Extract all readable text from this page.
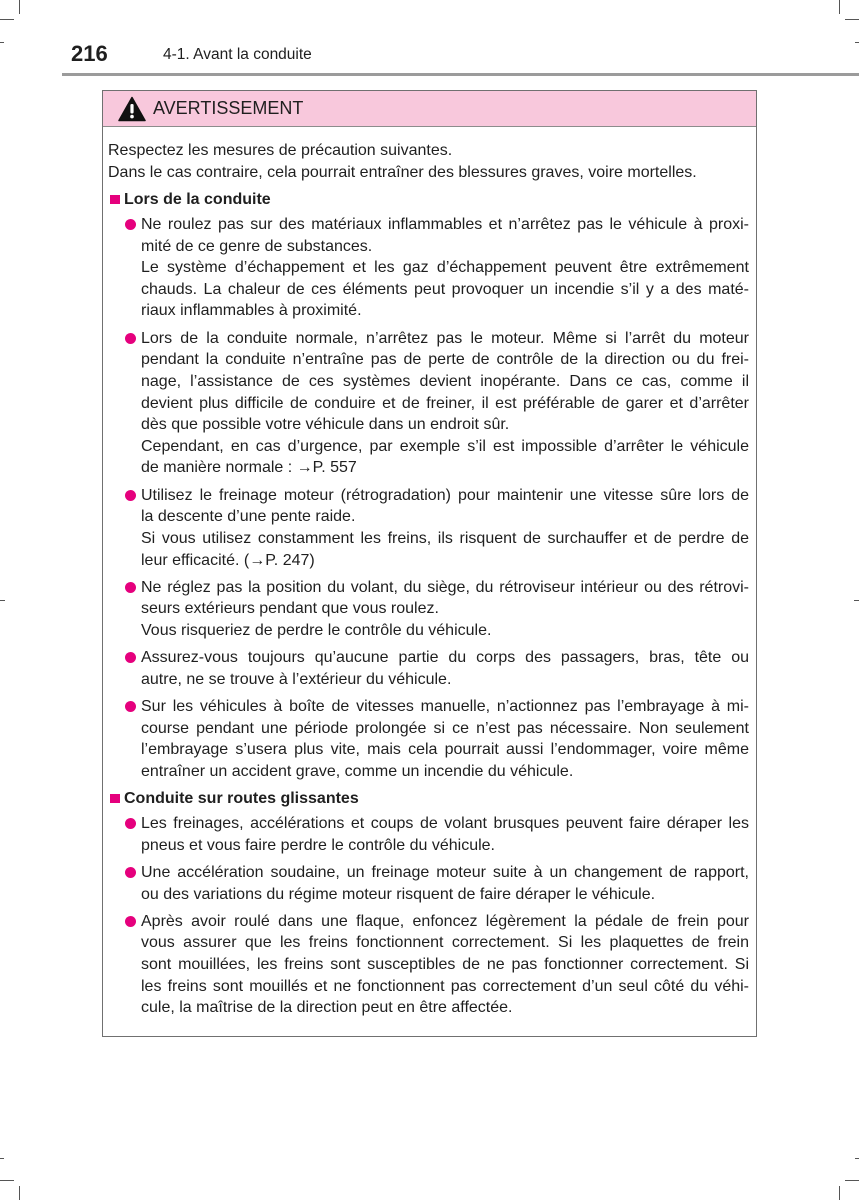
216	4-1. Avant la conduite
AVERTISSEMENT
Respectez les mesures de précaution suivantes.
Dans le cas contraire, cela pourrait entraîner des blessures graves, voire mortelles.
Lors de la conduite
Ne roulez pas sur des matériaux inflammables et n’arrêtez pas le véhicule à proxi-
mité de ce genre de substances.
Le système d’échappement et les gaz d’échappement peuvent être extrêmement
chauds. La chaleur de ces éléments peut provoquer un incendie s’il y a des maté-
riaux inflammables à proximité.
Lors de la conduite normale, n’arrêtez pas le moteur. Même si l’arrêt du moteur
pendant la conduite n’entraîne pas de perte de contrôle de la direction ou du frei-
nage, l’assistance de ces systèmes devient inopérante. Dans ce cas, comme il
devient plus difficile de conduire et de freiner, il est préférable de garer et d’arrêter
dès que possible votre véhicule dans un endroit sûr.
Cependant, en cas d’urgence, par exemple s’il est impossible d’arrêter le véhicule
de manière normale : →P. 557
Utilisez le freinage moteur (rétrogradation) pour maintenir une vitesse sûre lors de
la descente d’une pente raide.
Si vous utilisez constamment les freins, ils risquent de surchauffer et de perdre de
leur efficacité. (→P. 247)
Ne réglez pas la position du volant, du siège, du rétroviseur intérieur ou des rétrovi-
seurs extérieurs pendant que vous roulez.
Vous risqueriez de perdre le contrôle du véhicule.
Assurez-vous toujours qu’aucune partie du corps des passagers, bras, tête ou
autre, ne se trouve à l’extérieur du véhicule.
Sur les véhicules à boîte de vitesses manuelle, n’actionnez pas l’embrayage à mi-
course pendant une période prolongée si ce n’est pas nécessaire. Non seulement
l’embrayage s’usera plus vite, mais cela pourrait aussi l’endommager, voire même
entraîner un accident grave, comme un incendie du véhicule.
Conduite sur routes glissantes
Les freinages, accélérations et coups de volant brusques peuvent faire déraper les
pneus et vous faire perdre le contrôle du véhicule.
Une accélération soudaine, un freinage moteur suite à un changement de rapport,
ou des variations du régime moteur risquent de faire déraper le véhicule.
Après avoir roulé dans une flaque, enfoncez légèrement la pédale de frein pour
vous assurer que les freins fonctionnent correctement. Si les plaquettes de frein
sont mouillées, les freins sont susceptibles de ne pas fonctionner correctement. Si
les freins sont mouillés et ne fonctionnent pas correctement d’un seul côté du véhi-
cule, la maîtrise de la direction peut en être affectée.
